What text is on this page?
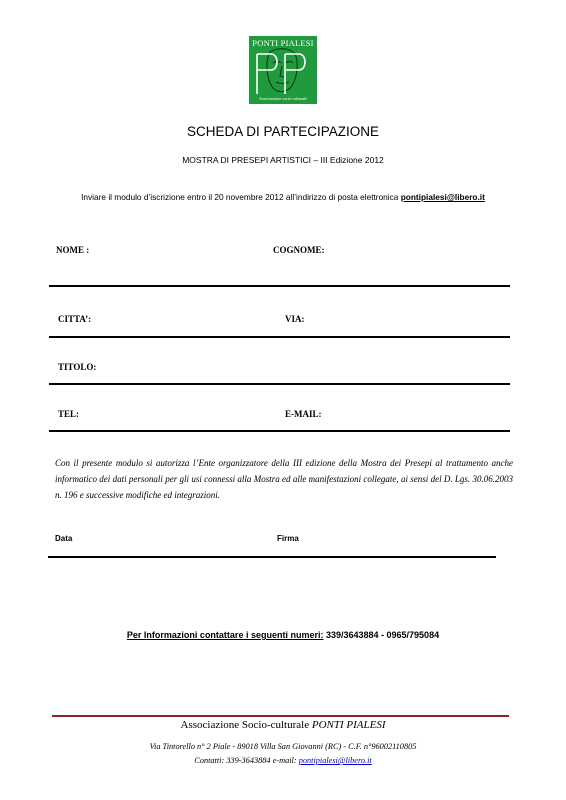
PONTI PIALESI
Associazione socio-culturale
SCHEDA DI PARTECIPAZIONE
MOSTRA DI PRESEPI ARTISTICI – III Edizione 2012
Inviare il modulo d’iscrizione entro il 20 novembre 2012 all’indirizzo di posta elettronica pontipialesi@libero.it
NOME :	COGNOME:
CITTA’:	VIA:
TITOLO:
TEL:	E-MAIL:
Con il presente modulo si autorizza l’Ente organizzatore della III edizione della Mostra dei Presepi al trattamento anche informatico dei dati personali per gli usi connessi alla Mostra ed alle manifestazioni collegate, ai sensi del D. Lgs. 30.06.2003 n. 196 e successive modifiche ed integrazioni.
Data	Firma
Per Informazioni contattare i seguenti numeri: 339/3643884 - 0965/795084
Associazione Socio-culturale PONTI PIALESI
Via Tintorello n° 2 Piale - 89018 Villa San Giovanni (RC) - C.F. n°96002110805
Contatti: 339-3643884 e-mail: pontipialesi@libero.it
